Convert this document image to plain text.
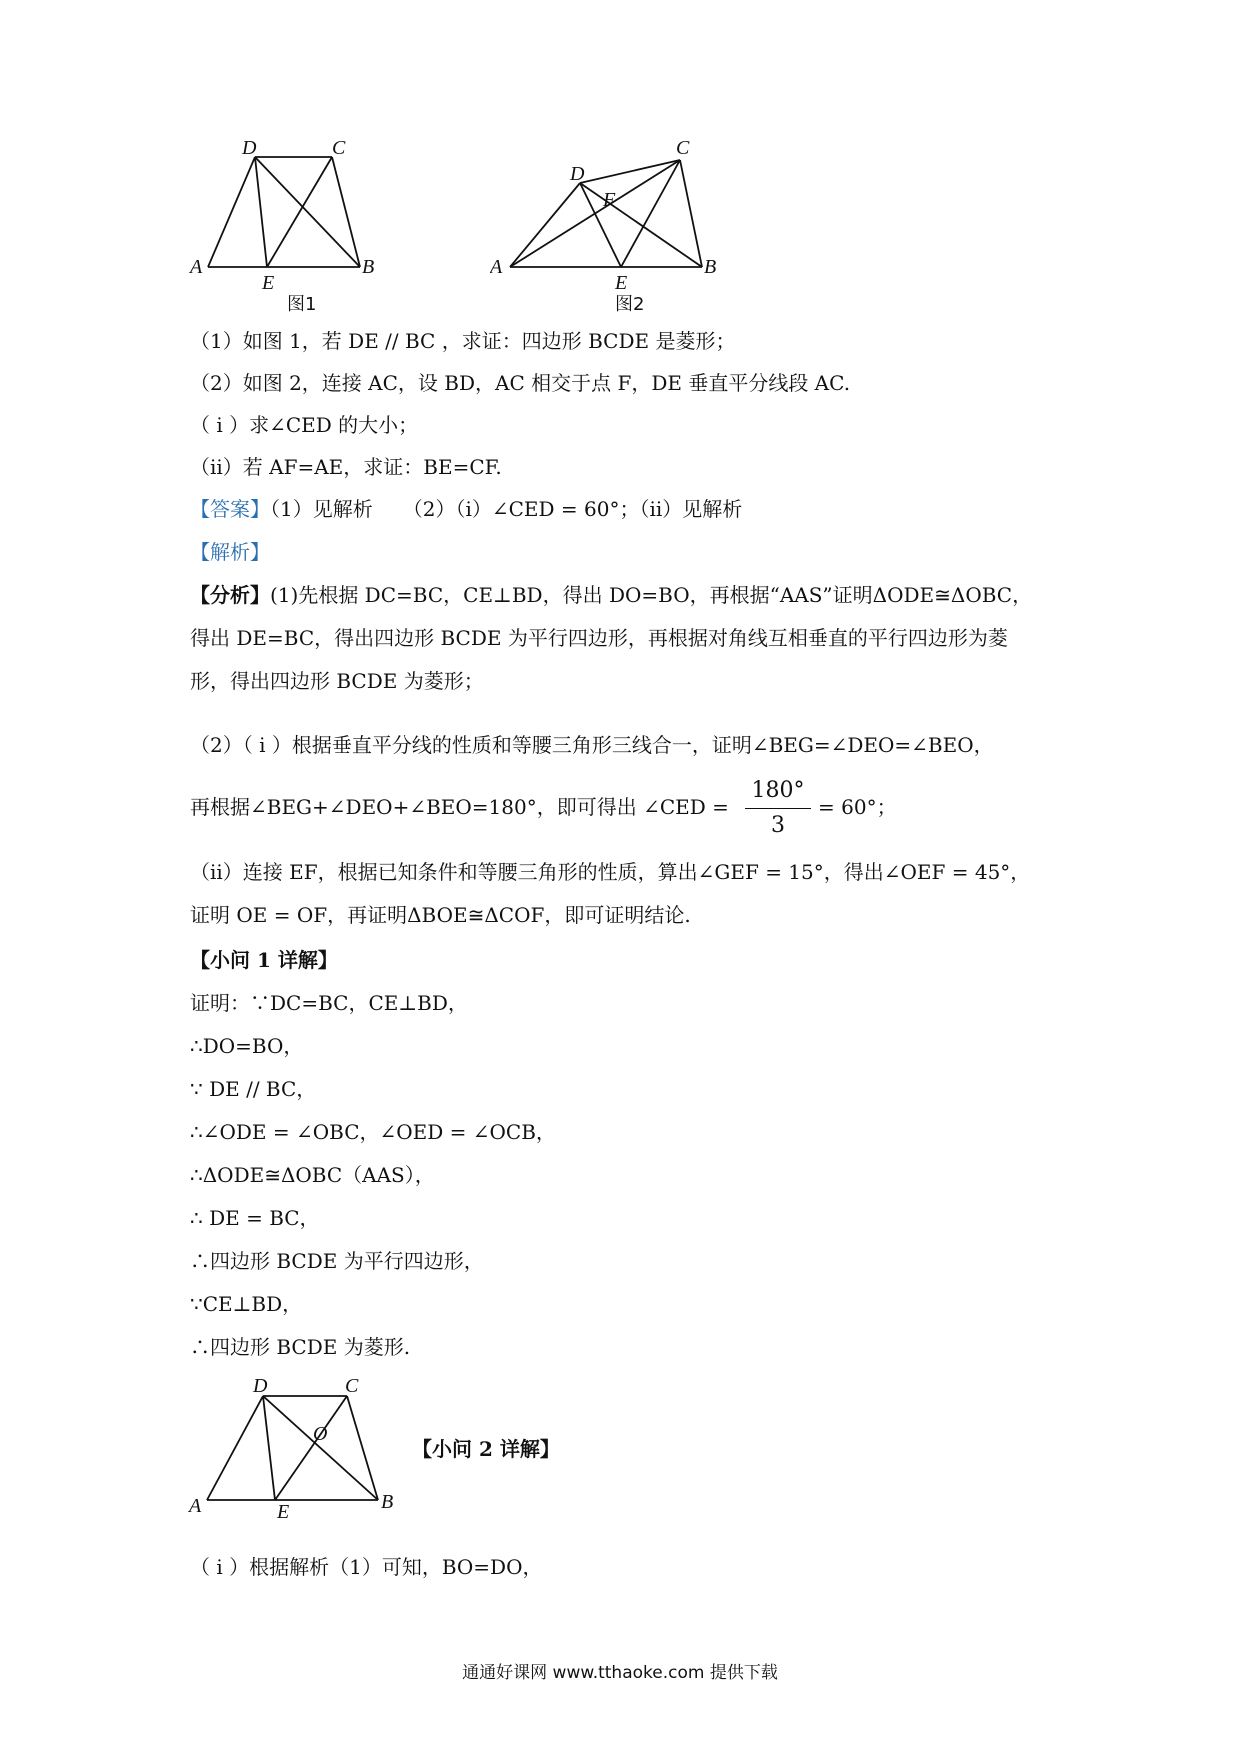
D	C
A
E
B
图1
D
C
F
A
E
B
图2
（1）如图 1，若 DE // BC ，求证：四边形 BCDE 是菱形；
（2）如图 2，连接 AC，设 BD，AC 相交于点 F，DE 垂直平分线段 AC.
（ i ）求∠CED 的大小；
（ii）若 AF=AE，求证：BE=CF.
【答案】（1）见解析　　（2）（i）∠CED = 60°；（ii）见解析
【解析】
【分析】(1)先根据 DC=BC，CE⊥BD，得出 DO=BO，再根据“AAS”证明ΔODE≅ΔOBC，
得出 DE=BC，得出四边形 BCDE 为平行四边形，再根据对角线互相垂直的平行四边形为菱
形，得出四边形 BCDE 为菱形；
（2）（ i ）根据垂直平分线的性质和等腰三角形三线合一，证明∠BEG=∠DEO=∠BEO，
再根据∠BEG+∠DEO+∠BEO=180°，即可得出 ∠CED =
180°
3
= 60°；
（ii）连接 EF，根据已知条件和等腰三角形的性质，算出∠GEF = 15°，得出∠OEF = 45°，
证明 OE = OF，再证明ΔBOE≅ΔCOF，即可证明结论.
【小问 1 详解】
证明：∵DC=BC，CE⊥BD，
∴DO=BO，
∵ DE // BC，
∴∠ODE = ∠OBC，∠OED = ∠OCB，
∴ΔODE≅ΔOBC（AAS），
∴ DE = BC，
∴四边形 BCDE 为平行四边形，
∵CE⊥BD，
∴四边形 BCDE 为菱形.
D	C
O
A	E	B
【小问 2 详解】
（ i ）根据解析（1）可知，BO=DO，
通通好课网 www.tthaoke.com 提供下载
